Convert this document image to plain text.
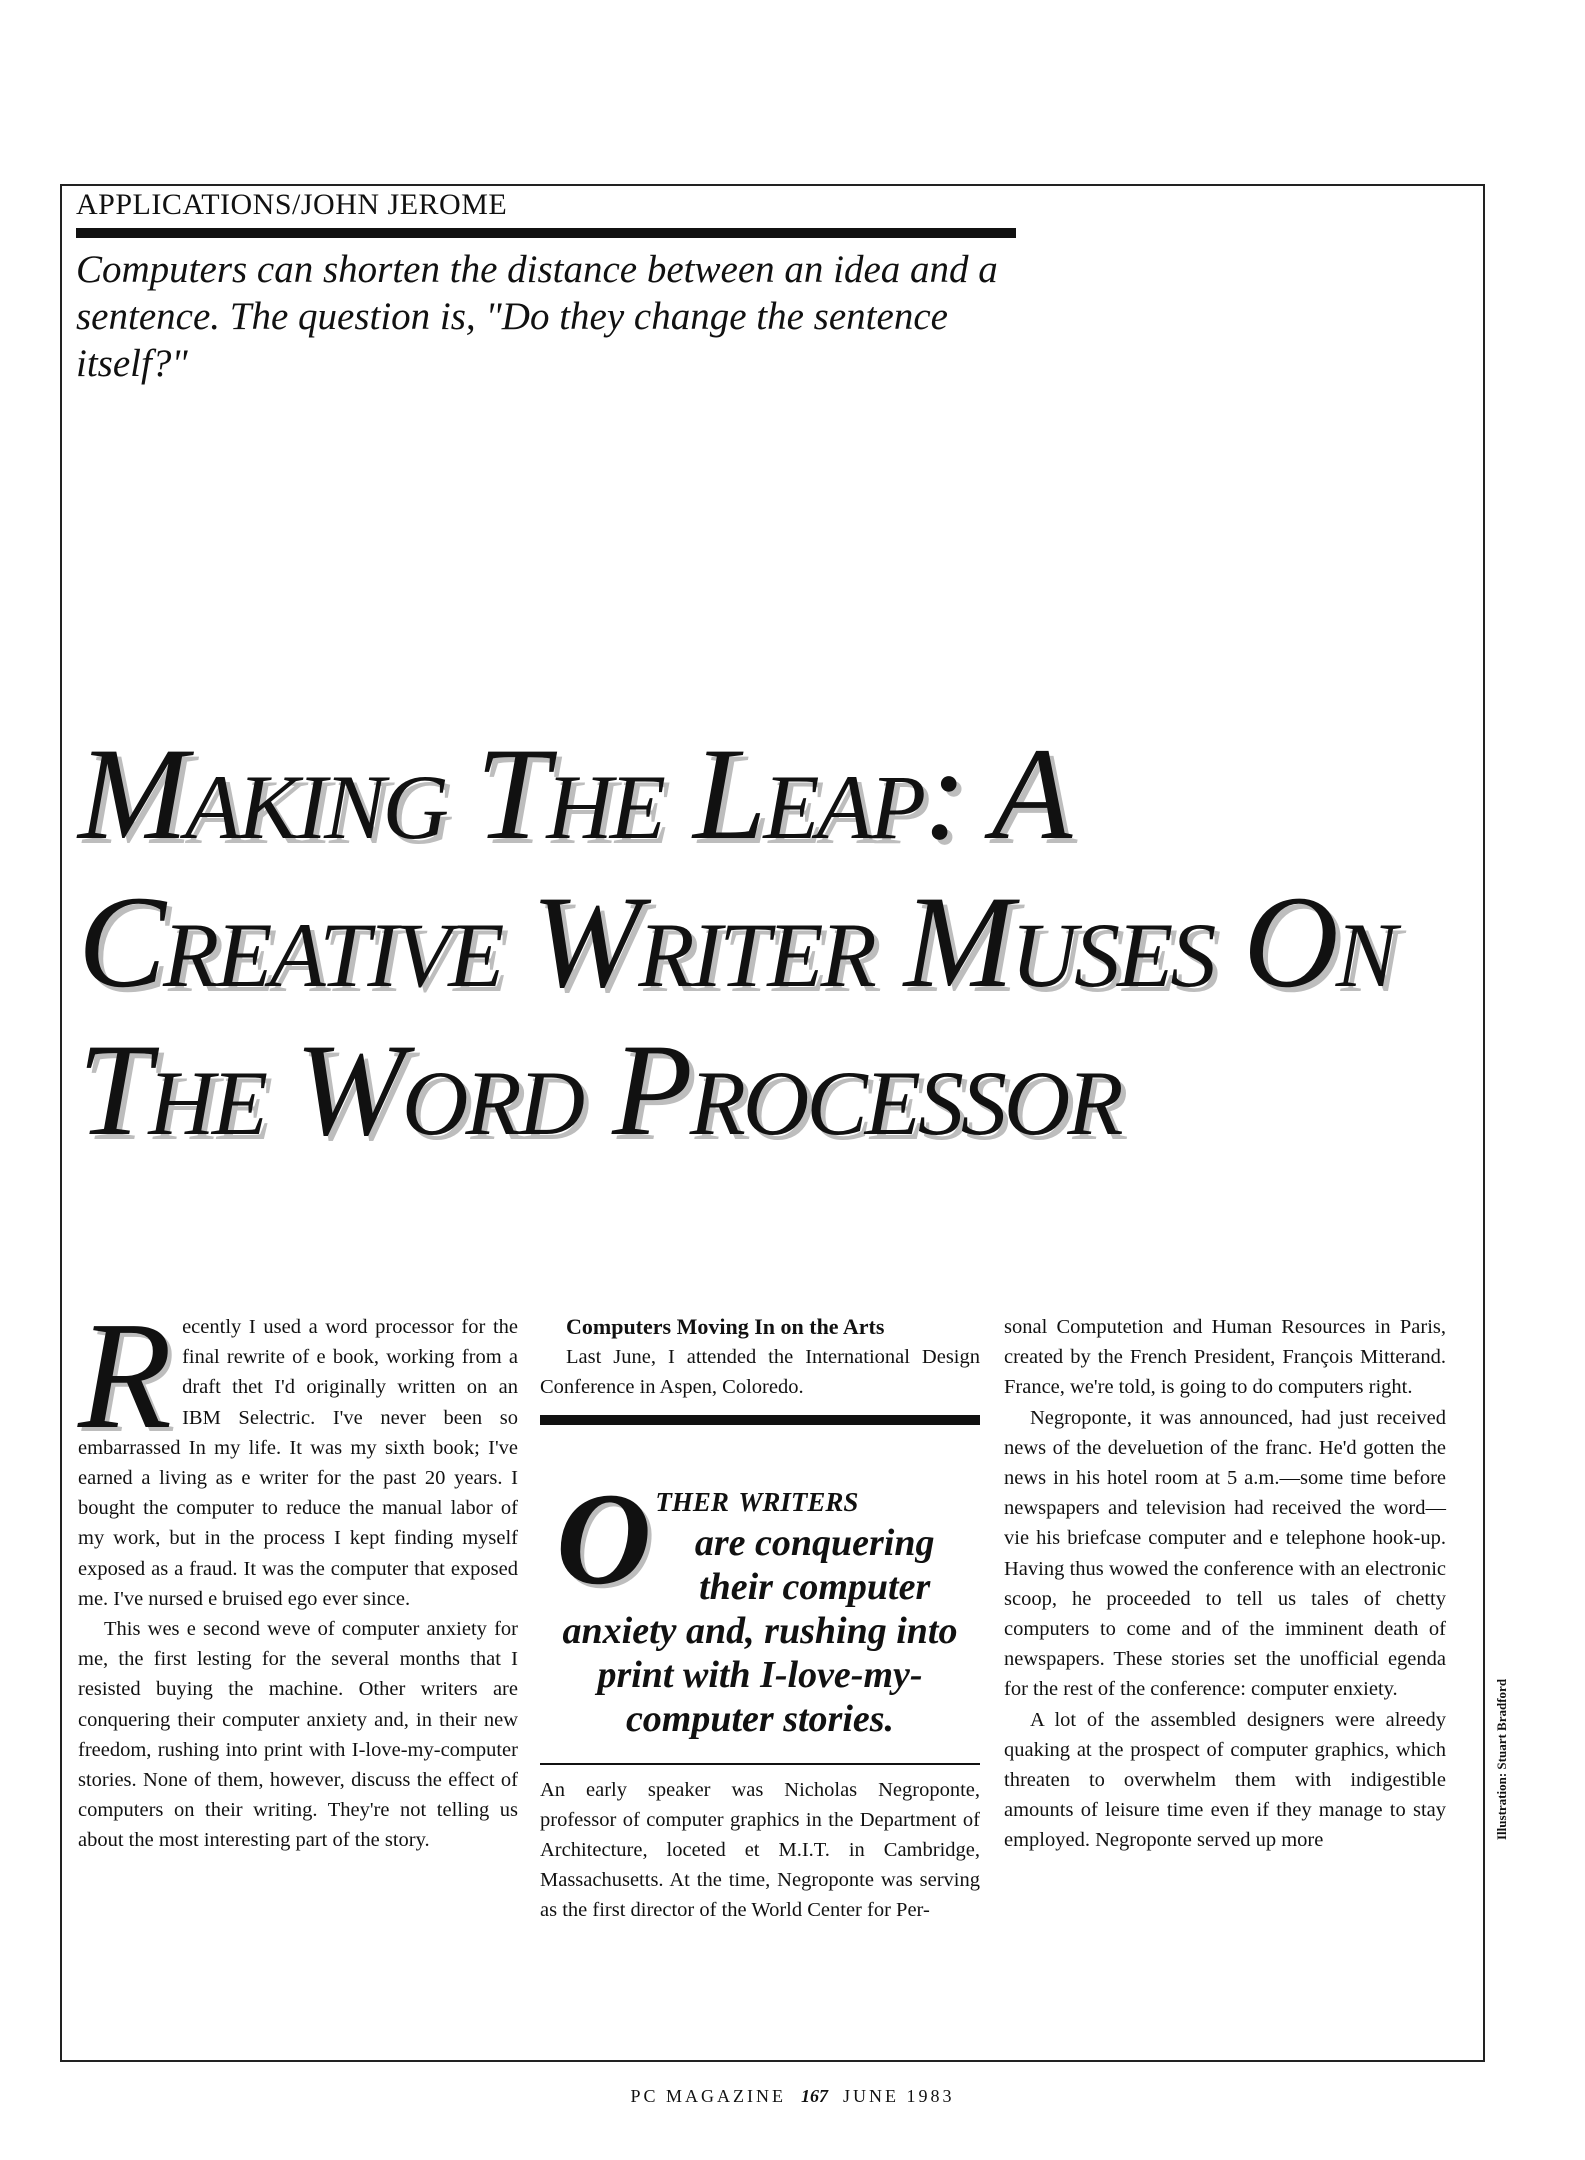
APPLICATIONS/JOHN JEROME
Computers can shorten the distance between an idea and a sentence. The question is, "Do they change the sentence itself?"
Making The Leap: A Creative Writer Muses On The Word Processor
R ecently I used a word processor for the final rewrite of e book, working from a draft thet I'd originally written on an IBM Selectric. I've never been so embarrassed In my life. It was my sixth book; I've earned a living as e writer for the past 20 years. I bought the computer to reduce the manual labor of my work, but in the process I kept finding myself exposed as a fraud. It was the computer that exposed me. I've nursed e bruised ego ever since.

This wes e second weve of computer anxiety for me, the first lesting for the several months that I resisted buying the machine. Other writers are conquering their computer anxiety and, in their new freedom, rushing into print with I-love-my-computer stories. None of them, however, discuss the effect of computers on their writing. They're not telling us about the most interesting part of the story.

Computers Moving In on the Arts

Last June, I attended the International Design Conference in Aspen, Coloredo.

O ther writers
are conquering their computer anxiety and, rushing into print with I-love-my-computer stories.

An early speaker was Nicholas Negroponte, professor of computer graphics in the Department of Architecture, loceted et M.I.T. in Cambridge, Massachusetts. At the time, Negroponte was serving as the first director of the World Center for Per-

sonal Computetion and Human Resources in Paris, created by the French President, François Mitterand. France, we're told, is going to do computers right.

Negroponte, it was announced, had just received news of the develuetion of the franc. He'd gotten the news in his hotel room at 5 a.m.—some time before newspapers and television had received the word—vie his briefcase computer and e telephone hook-up. Having thus wowed the conference with an electronic scoop, he proceeded to tell us tales of chetty computers to come and of the imminent death of newspapers. These stories set the unofficial egenda for the rest of the conference: computer enxiety.

A lot of the assembled designers were alreedy quaking at the prospect of computer graphics, which threaten to overwhelm them with indigestible amounts of leisure time even if they manage to stay employed. Negroponte served up more

Illustration: Stuart Bradford
PC MAGAZINE 167 JUNE 1983
